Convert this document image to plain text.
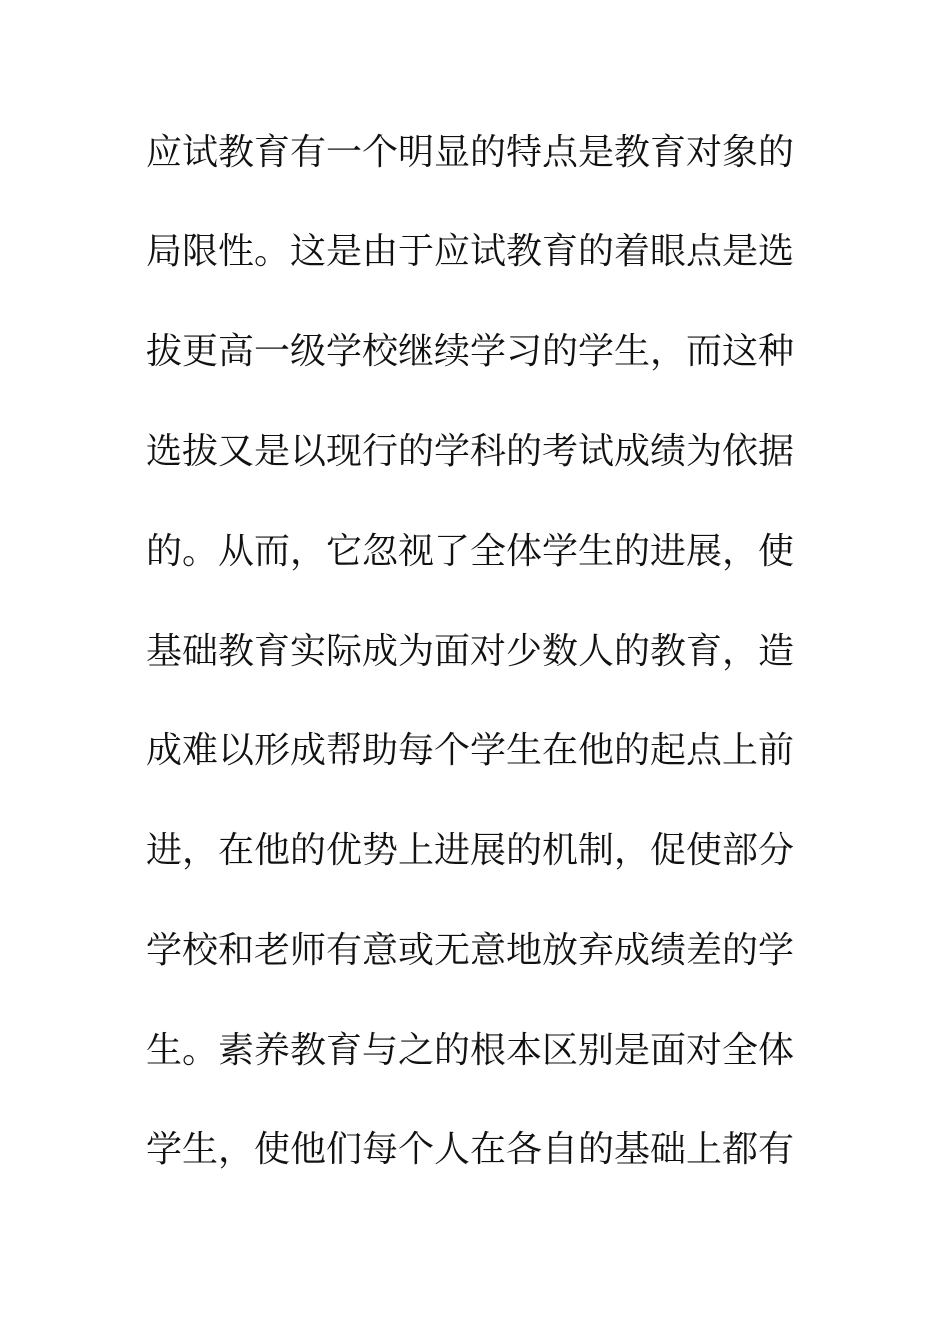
应试教育有一个明显的特点是教育对象的
局限性。这是由于应试教育的着眼点是选
拔更高一级学校继续学习的学生，而这种
选拔又是以现行的学科的考试成绩为依据
的。从而，它忽视了全体学生的进展，使
基础教育实际成为面对少数人的教育，造
成难以形成帮助每个学生在他的起点上前
进，在他的优势上进展的机制，促使部分
学校和老师有意或无意地放弃成绩差的学
生。素养教育与之的根本区别是面对全体
学生，使他们每个人在各自的基础上都有
